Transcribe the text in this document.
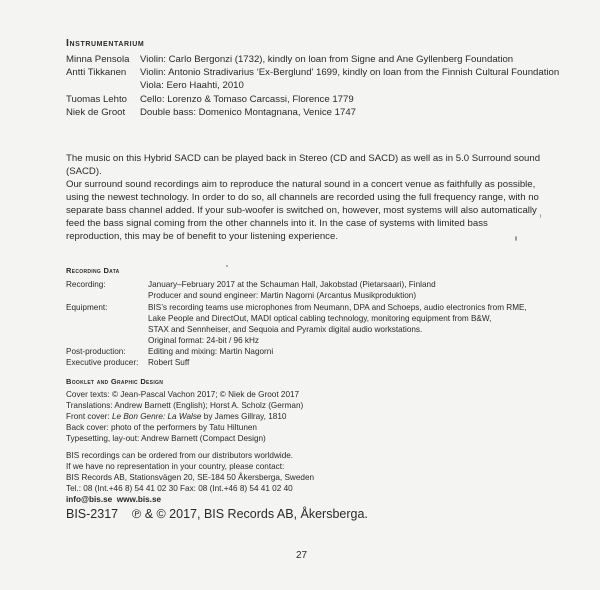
Instrumentarium
Minna Pensola Violin: Carlo Bergonzi (1732), kindly on loan from Signe and Ane Gyllenberg Foundation
Antti Tikkanen Violin: Antonio Stradivarius ‘Ex-Berglund’ 1699, kindly on loan from the Finnish Cultural Foundation
Viola: Eero Haahti, 2010
Tuomas Lehto Cello: Lorenzo & Tomaso Carcassi, Florence 1779
Niek de Groot Double bass: Domenico Montagnana, Venice 1747
The music on this Hybrid SACD can be played back in Stereo (CD and SACD) as well as in 5.0 Surround sound (SACD).
Our surround sound recordings aim to reproduce the natural sound in a concert venue as faithfully as possible, using the newest technology. In order to do so, all channels are recorded using the full frequency range, with no separate bass channel added. If your sub-woofer is switched on, however, most systems will also automatically feed the bass signal coming from the other channels into it. In the case of systems with limited bass reproduction, this may be of benefit to your listening experience.
Recording Data
Recording:	January–February 2017 at the Schauman Hall, Jakobstad (Pietarsaari), Finland
Producer and sound engineer: Martin Nagorni (Arcantus Musikproduktion)
Equipment:	BIS’s recording teams use microphones from Neumann, DPA and Schoeps, audio electronics from RME,
Lake People and DirectOut, MADI optical cabling technology, monitoring equipment from B&W,
STAX and Sennheiser, and Sequoia and Pyramix digital audio workstations.
Original format: 24-bit / 96 kHz
Post-production:	Editing and mixing: Martin Nagorni
Executive producer: Robert Suff
Booklet and Graphic Design
Cover texts: © Jean-Pascal Vachon 2017; © Niek de Groot 2017
Translations: Andrew Barnett (English); Horst A. Scholz (German)
Front cover: Le Bon Genre: La Walse by James Gillray, 1810
Back cover: photo of the performers by Tatu Hiltunen
Typesetting, lay-out: Andrew Barnett (Compact Design)
BIS recordings can be ordered from our distributors worldwide.
If we have no representation in your country, please contact:
BIS Records AB, Stationsvägen 20, SE-184 50 Åkersberga, Sweden
Tel.: 08 (Int.+46 8) 54 41 02 30 Fax: 08 (Int.+46 8) 54 41 02 40
info@bis.se www.bis.se
BIS-2317    ℗ & © 2017, BIS Records AB, Åkersberga.
27
